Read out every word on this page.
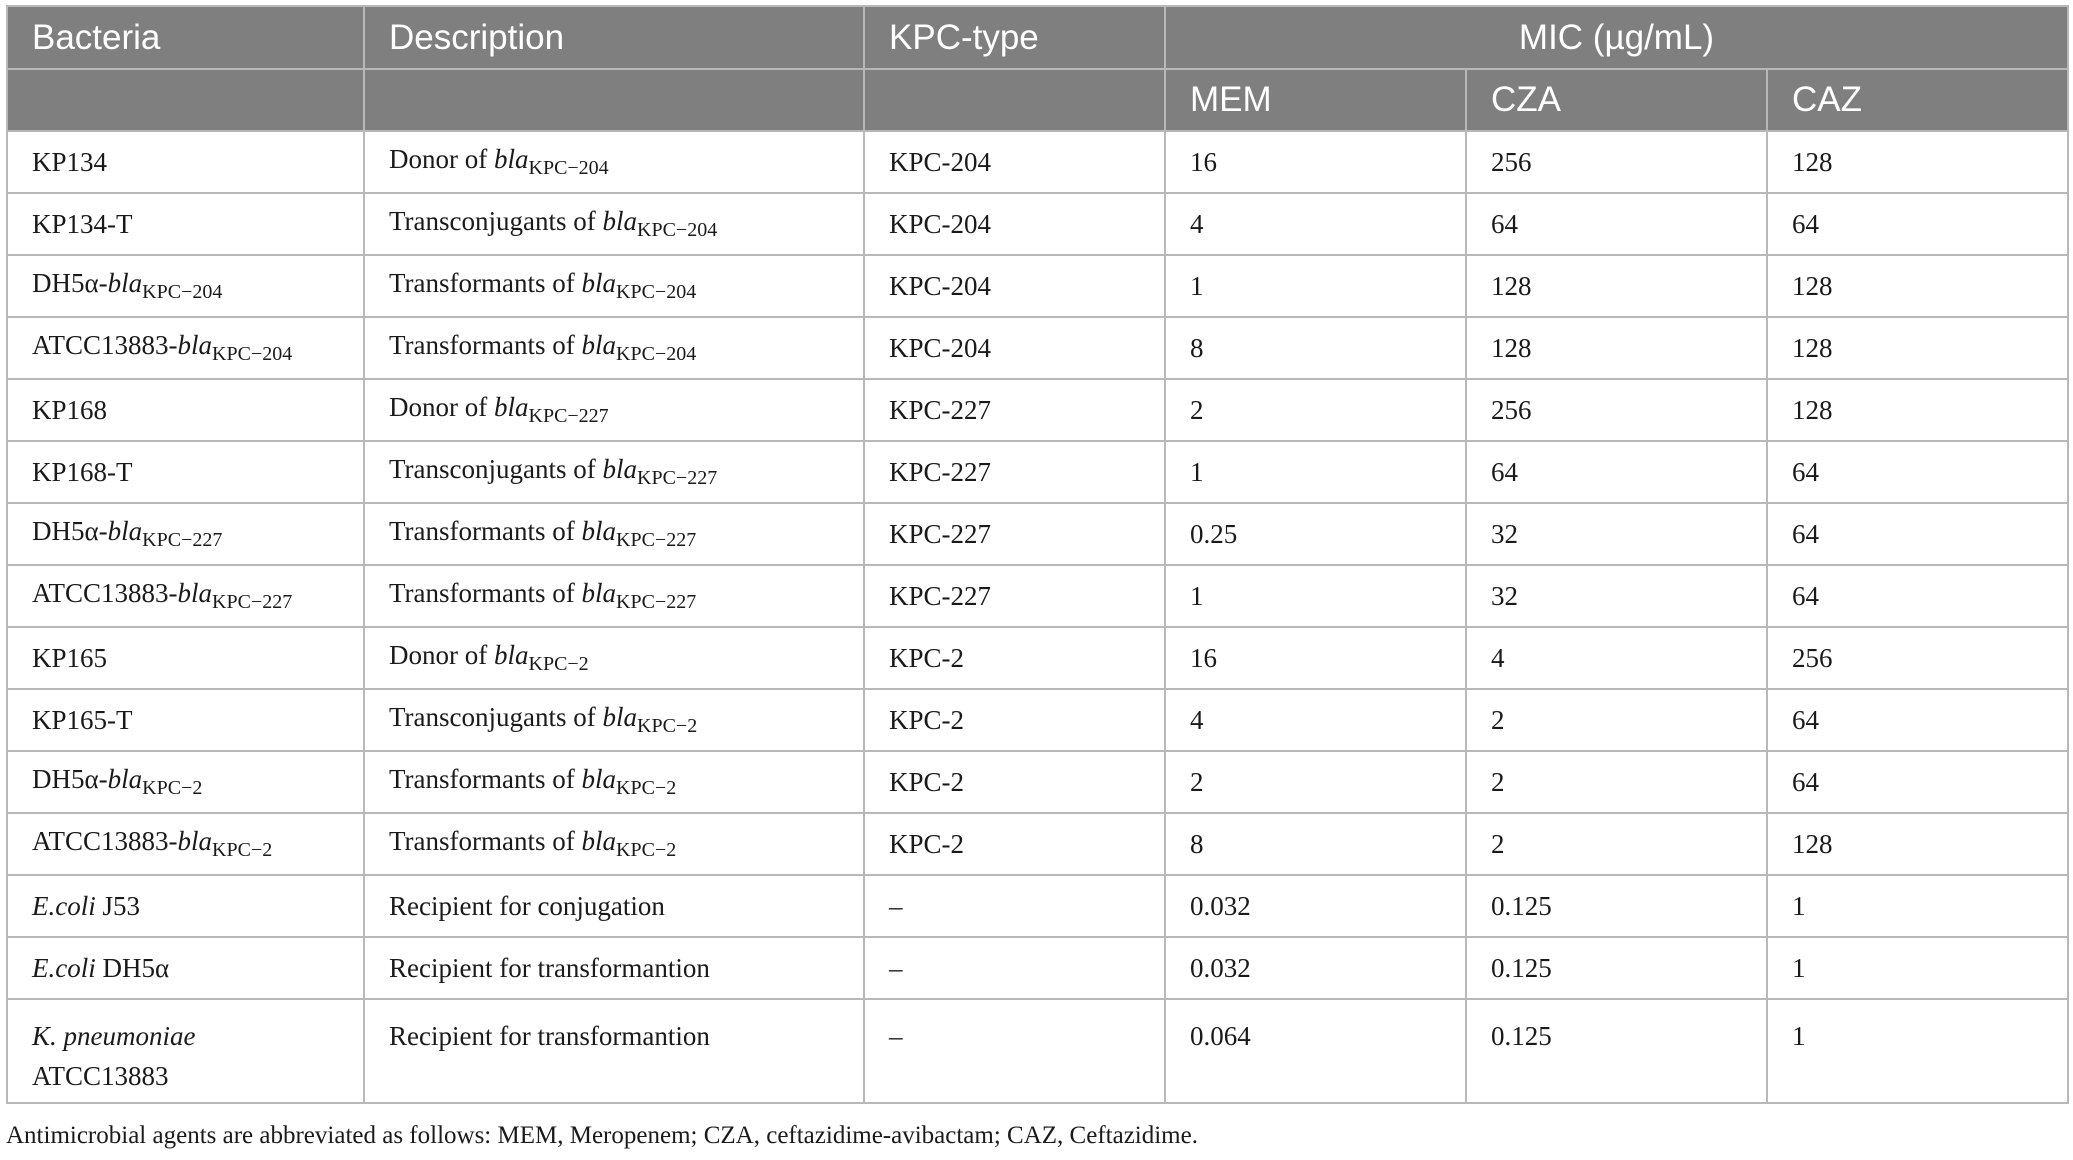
Bacteria	Description	KPC-type	MIC (µg/mL)		
			MEM	CZA	CAZ
KP134	Donor of bla$_{KPC-204}$	KPC-204	16	256	128
KP134-T	Transconjugants of bla$_{KPC-204}$	KPC-204	4	64	64
DH5α-bla$_{KPC-204}$	Transformants of bla$_{KPC-204}$	KPC-204	1	128	128
ATCC13883-bla$_{KPC-204}$	Transformants of bla$_{KPC-204}$	KPC-204	8	128	128
KP168	Donor of bla$_{KPC-227}$	KPC-227	2	256	128
KP168-T	Transconjugants of bla$_{KPC-227}$	KPC-227	1	64	64
DH5α-bla$_{KPC-227}$	Transformants of bla$_{KPC-227}$	KPC-227	0.25	32	64
ATCC13883-bla$_{KPC-227}$	Transformants of bla$_{KPC-227}$	KPC-227	1	32	64
KP165	Donor of bla$_{KPC-2}$	KPC-2	16	4	256
KP165-T	Transconjugants of bla$_{KPC-2}$	KPC-2	4	2	64
DH5α-bla$_{KPC-2}$	Transformants of bla$_{KPC-2}$	KPC-2	2	2	64
ATCC13883-bla$_{KPC-2}$	Transformants of bla$_{KPC-2}$	KPC-2	8	2	128
E.coli J53	Recipient for conjugation	–	0.032	0.125	1
E.coli DH5α	Recipient for transformantion	–	0.032	0.125	1
K. pneumoniae
ATCC13883	Recipient for transformantion	–	0.064	0.125	1
Antimicrobial agents are abbreviated as follows: MEM, Meropenem; CZA, ceftazidime-avibactam; CAZ, Ceftazidime.
